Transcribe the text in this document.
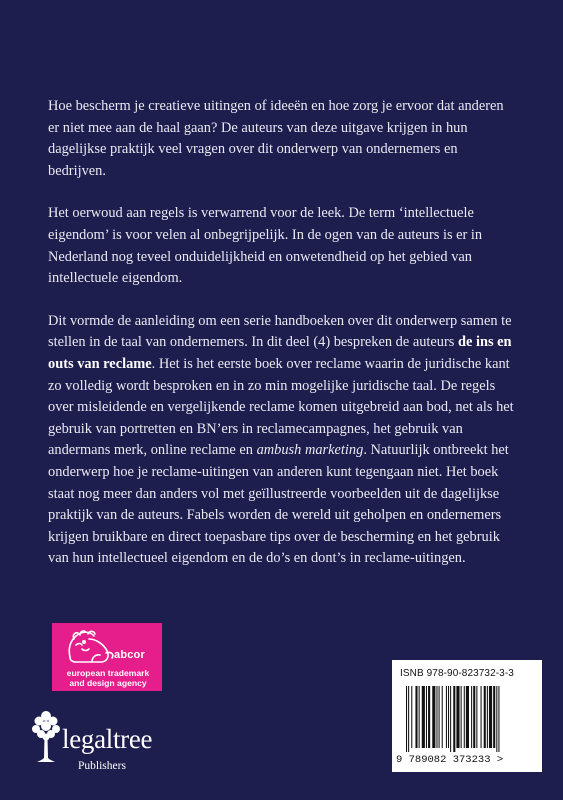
Hoe bescherm je creatieve uitingen of ideeën en hoe zorg je ervoor dat anderen er niet mee aan de haal gaan? De auteurs van deze uitgave krijgen in hun dagelijkse praktijk veel vragen over dit onderwerp van ondernemers en bedrijven.

Het oerwoud aan regels is verwarrend voor de leek. De term ‘intellectuele eigendom’ is voor velen al onbegrijpelijk. In de ogen van de auteurs is er in Nederland nog teveel onduidelijkheid en onwetendheid op het gebied van intellectuele eigendom.

Dit vormde de aanleiding om een serie handboeken over dit onderwerp samen te stellen in de taal van ondernemers. In dit deel (4) bespreken de auteurs de ins en outs van reclame. Het is het eerste boek over reclame waarin de juridische kant zo volledig wordt besproken en in zo min mogelijke juridische taal. De regels over misleidende en vergelijkende reclame komen uitgebreid aan bod, net als het gebruik van portretten en BN’ers in reclamecampagnes, het gebruik van andermans merk, online reclame en ambush marketing. Natuurlijk ontbreekt het onderwerp hoe je reclame-uitingen van anderen kunt tegengaan niet. Het boek staat nog meer dan anders vol met geïllustreerde voorbeelden uit de dagelijkse praktijk van de auteurs. Fabels worden de wereld uit geholpen en ondernemers krijgen bruikbare en direct toepasbare tips over de bescherming en het gebruik van hun intellectueel eigendom en de do’s en dont’s in reclame-uitingen.

abcor
european trademark and design agency
legaltree
Publishers
ISNB 978-90-823732-3-3
9 789082 373233 >
